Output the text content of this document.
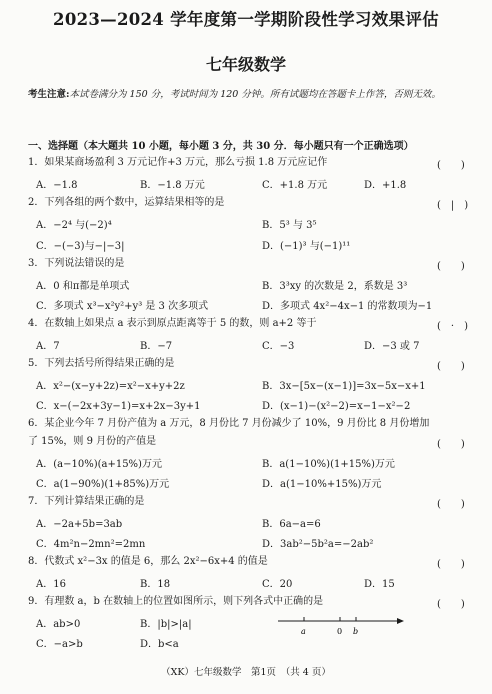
2023—2024 学年度第一学期阶段性学习效果评估
七年级数学
考生注意:本试卷满分为 150 分，考试时间为 120 分钟。所有试题均在答题卡上作答，否则无效。
一、选择题（本大题共 10 小题，每小题 3 分，共 30 分．每小题只有一个正确选项）
1．如果某商场盈利 3 万元记作+3 万元，那么亏损 1.8 万元应记作	(　　)
A．−1.8	B．−1.8 万元	C．+1.8 万元	D．+1.8
2．下列各组的两个数中，运算结果相等的是	(　|　)
A．−2⁴ 与(−2)⁴	B．5³ 与 3⁵
C．−(−3)与−|−3|	D．(−1)³ 与(−1)¹¹
3．下列说法错误的是	(　　)
A．0 和π都是单项式	B．3³xy 的次数是 2，系数是 3³
C．多项式 x³−x²y²+y³ 是 3 次多项式	D．多项式 4x²−4x−1 的常数项为−1
4．在数轴上如果点 a 表示到原点距离等于 5 的数，则 a+2 等于	(　·　)
A．7	B．−7	C．−3	D．−3 或 7
5．下列去括号所得结果正确的是	(　　)
A．x²−(x−y+2z)=x²−x+y+2z	B．3x−[5x−(x−1)]=3x−5x−x+1
C．x−(−2x+3y−1)=x+2x−3y+1	D．(x−1)−(x²−2)=x−1−x²−2
6．某企业今年 7 月份产值为 a 万元，8 月份比 7 月份减少了 10%，9 月份比 8 月份增加
了 15%，则 9 月份的产值是	(　　)
A．(a−10%)(a+15%)万元	B．a(1−10%)(1+15%)万元
C．a(1−90%)(1+85%)万元	D．a(1−10%+15%)万元
7．下列计算结果正确的是	(　　)
A．−2a+5b=3ab	B．6a−a=6
C．4m²n−2mn²=2mn	D．3ab²−5b²a=−2ab²
8．代数式 x²−3x 的值是 6，那么 2x²−6x+4 的值是	(　　)
A．16	B．18	C．20	D．15
9．有理数 a，b 在数轴上的位置如图所示，则下列各式中正确的是	(　　)
A．ab>0	B．|b|>|a|
C．−a>b	D．b<a
a	0 b
（XK）七年级数学　第1页　（共 4 页）
